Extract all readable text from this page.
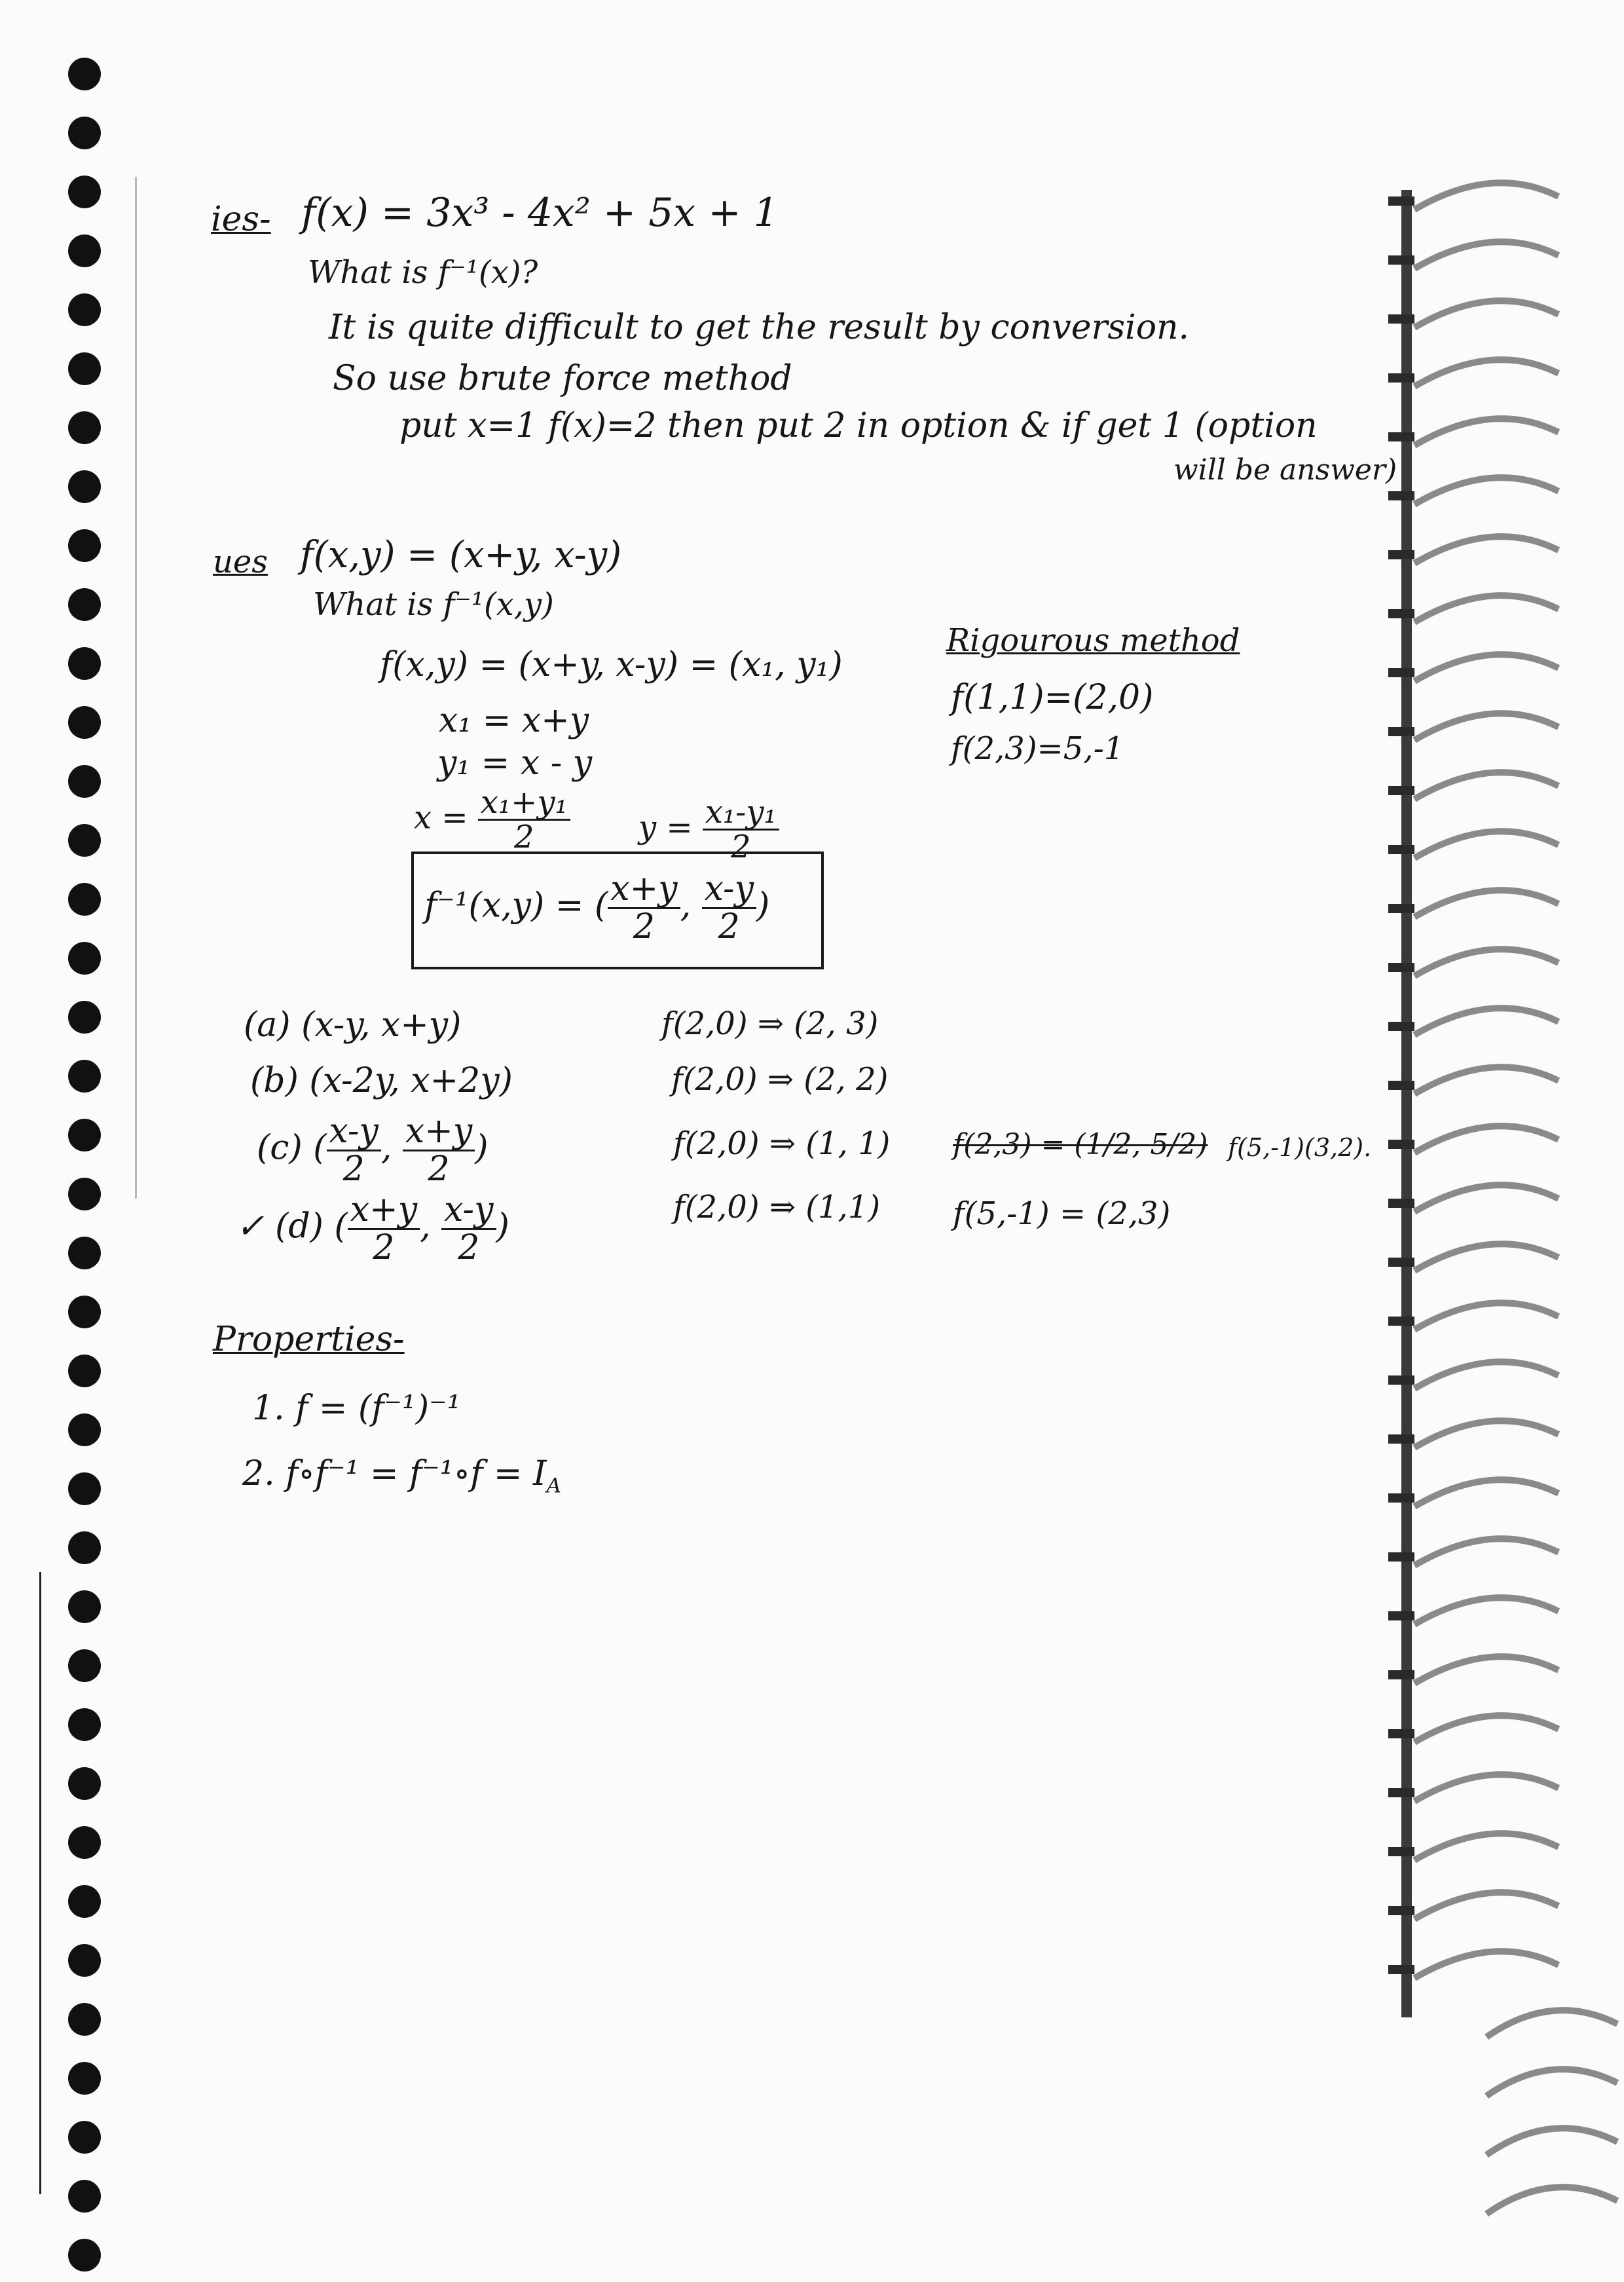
ies- f(x) = 3x³ - 4x² + 5x + 1
What is f⁻¹(x)?
It is quite difficult to get the result by conversion.
So use brute force method
put x=1 f(x)=2 then put 2 in option & if get 1 (option
will be answer)
ues f(x,y) = (x+y, x-y)
What is f⁻¹(x,y)
f(x,y) = (x+y, x-y) = (x₁, y₁)
x₁ = x+y
y₁ = x - y
$x = \frac{\text{x₁+y₁}}{2}$ $y = \frac{\text{x₁-y₁}}{2}$
f⁻¹(x,y) = ( $\frac{x+y}{2}$ , $\frac{x-y}{2}$ )
Rigourous method
f(1,1)=(2,0)
f(2,3)=5,-1
(a) (x-y, x+y)
(b) (x-2y, x+2y)
(c) ( $\frac{x-y}{2}$ , $\frac{x+y}{2}$ )
✓ (d) ( $\frac{x+y}{2}$ , $\frac{x-y}{2}$ )
f(2,0) ⇒ (2, 3)
f(2,0) ⇒ (2, 2)
f(2,0) ⇒ (1, 1) f(2,3) = (1/2, 5/2) f(5,-1)(3,2).
f(2,0) ⇒ (1,1) f(5,-1) = (2,3)
Properties-
1. f = (f⁻¹)⁻¹
2. f∘f⁻¹ = f⁻¹∘f = $I_A$
